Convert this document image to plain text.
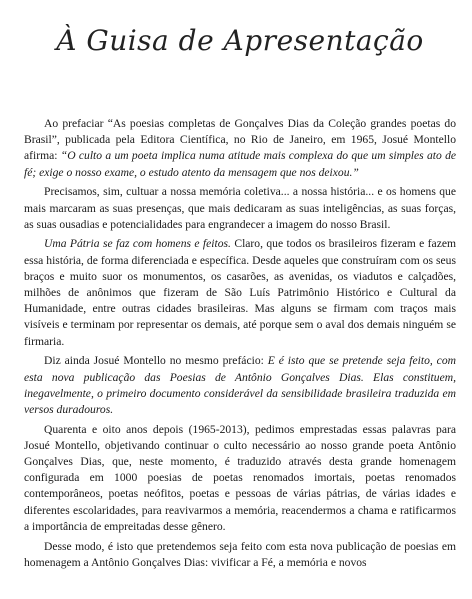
À Guisa de Apresentação

Ao prefaciar “As poesias completas de Gonçalves Dias da Coleção grandes poetas do Brasil”, publicada pela Editora Científica, no Rio de Janeiro, em 1965, Josué Montello afirma: “O culto a um poeta implica numa atitude mais complexa do que um simples ato de fé; exige o nosso exame, o estudo atento da mensagem que nos deixou.”

Precisamos, sim, cultuar a nossa memória coletiva... a nossa história... e os homens que mais marcaram as suas presenças, que mais dedicaram as suas inteligências, as suas forças, as suas ousadias e potencialidades para engrandecer a imagem do nosso Brasil.

Uma Pátria se faz com homens e feitos. Claro, que todos os brasileiros fizeram e fazem essa história, de forma diferenciada e específica. Desde aqueles que construíram com os seus braços e muito suor os monumentos, os casarões, as avenidas, os viadutos e calçadões, milhões de anônimos que fizeram de São Luís Patrimônio Histórico e Cultural da Humanidade, entre outras cidades brasileiras. Mas alguns se firmam com traços mais visíveis e terminam por representar os demais, até porque sem o aval dos demais ninguém se firmaria.

Diz ainda Josué Montello no mesmo prefácio: E é isto que se pretende seja feito, com esta nova publicação das Poesias de Antônio Gonçalves Dias. Elas constituem, inegavelmente, o primeiro documento considerável da sensibilidade brasileira traduzida em versos duradouros.

Quarenta e oito anos depois (1965-2013), pedimos emprestadas essas palavras para Josué Montello, objetivando continuar o culto necessário ao nosso grande poeta Antônio Gonçalves Dias, que, neste momento, é traduzido através desta grande homenagem configurada em 1000 poesias de poetas renomados imortais, poetas renomados contemporâneos, poetas neófitos, poetas e pessoas de várias pátrias, de várias idades e diferentes escolaridades, para reavivarmos a memória, reacendermos a chama e ratificarmos a importância de empreitadas desse gênero.

Desse modo, é isto que pretendemos seja feito com esta nova publicação de poesias em homenagem a Antônio Gonçalves Dias: vivificar a Fé, a memória e novos
